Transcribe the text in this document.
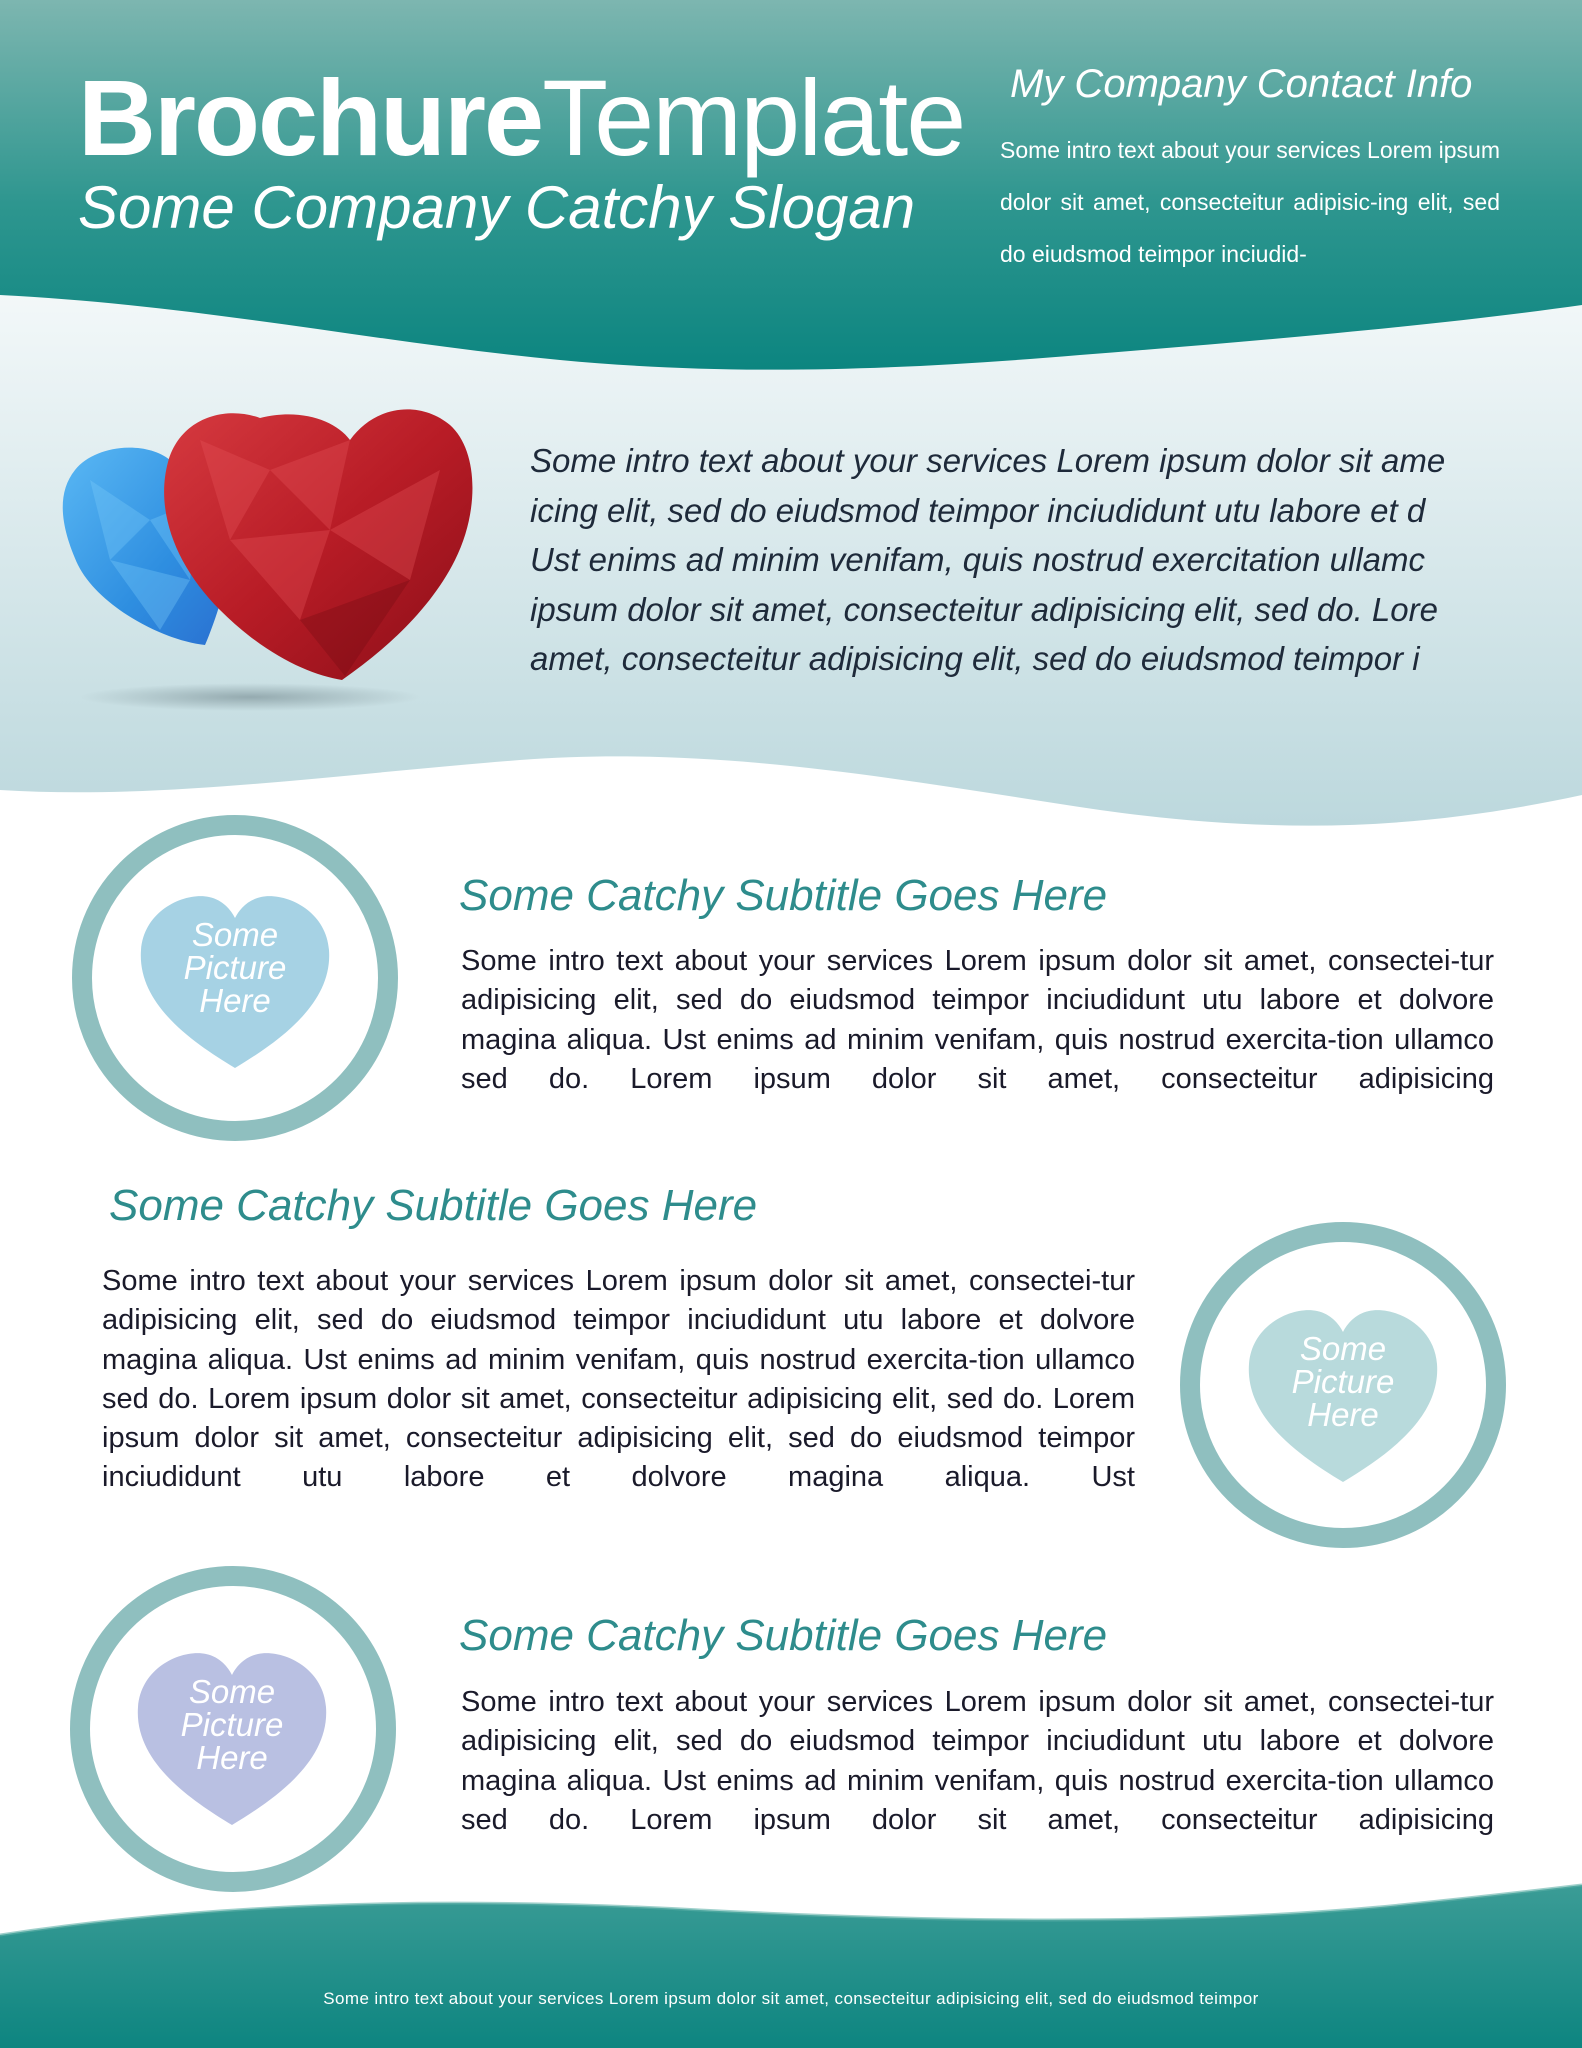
BrochureTemplate
Some Company Catchy Slogan
My Company Contact Info
Some intro text about your services Lorem ipsum dolor sit amet, consecteitur adipisic-ing elit, sed do eiudsmod teimpor inciudid-
Some intro text about your services Lorem ipsum dolor sit ame
icing elit, sed do eiudsmod teimpor inciudidunt utu labore et d
Ust enims ad minim venifam, quis nostrud exercitation ullamc
ipsum dolor sit amet, consecteitur adipisicing elit, sed do. Lore
amet, consecteitur adipisicing elit, sed do eiudsmod teimpor i
Some
Picture
Here
Some Catchy Subtitle Goes Here
Some intro text about your services Lorem ipsum dolor sit amet, consectei-tur adipisicing elit, sed do eiudsmod teimpor inciudidunt utu labore et dolvore magina aliqua. Ust enims ad minim venifam, quis nostrud exercita-tion ullamco sed do. Lorem ipsum dolor sit amet, consecteitur adipisicing
Some Catchy Subtitle Goes Here
Some intro text about your services Lorem ipsum dolor sit amet, consectei-tur adipisicing elit, sed do eiudsmod teimpor inciudidunt utu labore et dolvore magina aliqua. Ust enims ad minim venifam, quis nostrud exercita-tion ullamco sed do. Lorem ipsum dolor sit amet, consecteitur adipisicing elit, sed do. Lorem ipsum dolor sit amet, consecteitur adipisicing elit, sed do eiudsmod teimpor inciudidunt utu labore et dolvore magina aliqua. Ust
Some
Picture
Here
Some
Picture
Here
Some Catchy Subtitle Goes Here
Some intro text about your services Lorem ipsum dolor sit amet, consectei-tur adipisicing elit, sed do eiudsmod teimpor inciudidunt utu labore et dolvore magina aliqua. Ust enims ad minim venifam, quis nostrud exercita-tion ullamco sed do. Lorem ipsum dolor sit amet, consecteitur adipisicing
Some intro text about your services Lorem ipsum dolor sit amet, consecteitur adipisicing elit, sed do eiudsmod teimpor
